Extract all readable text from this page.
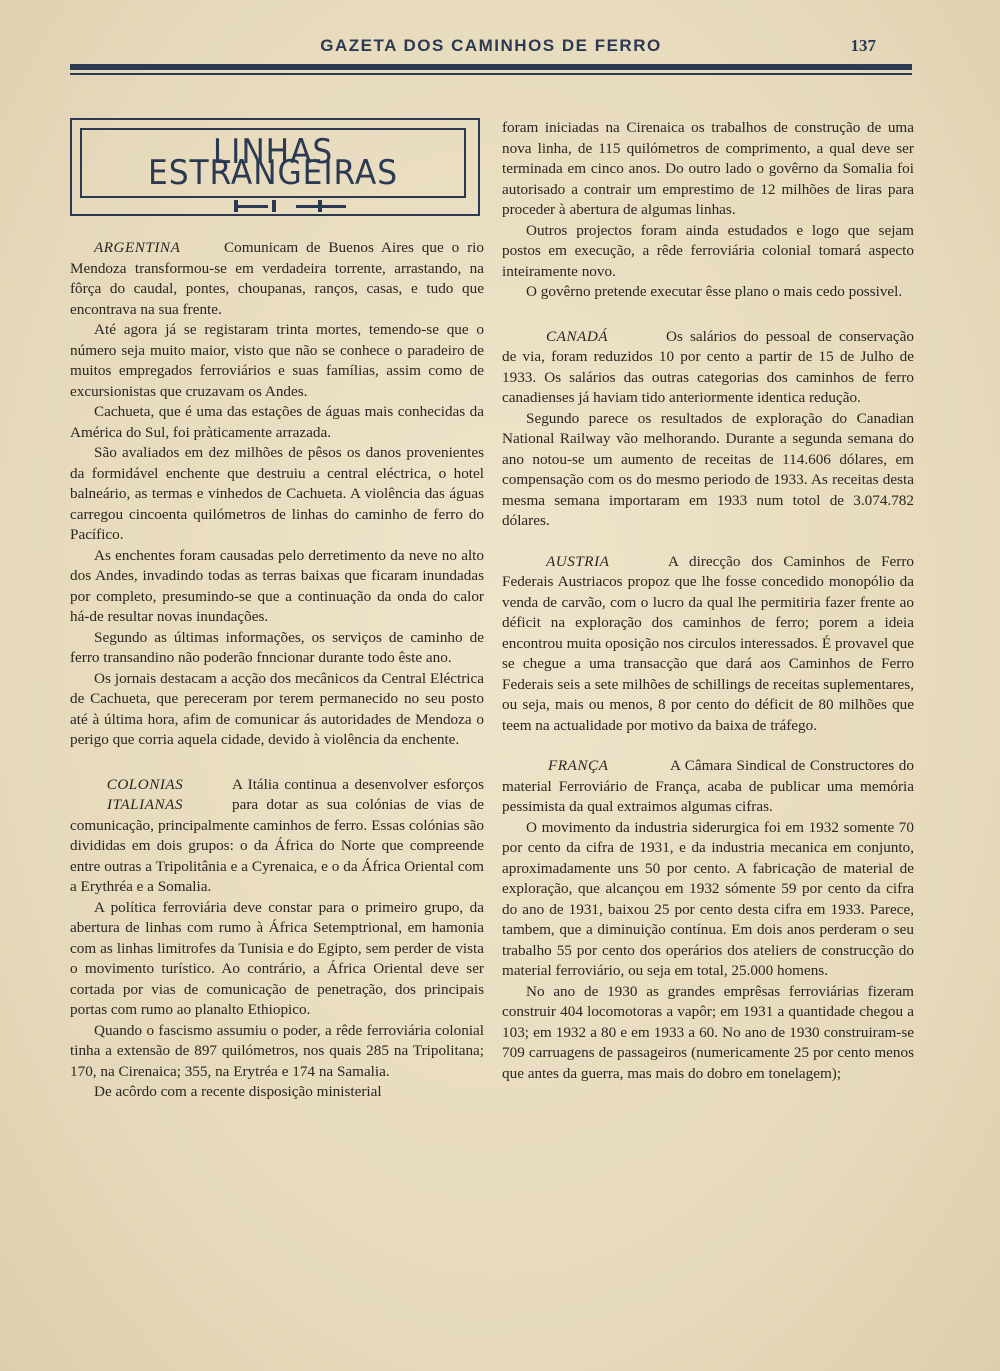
GAZETA DOS CAMINHOS DE FERRO	137
LINHAS ESTRANGEIRAS

ARGENTINA	Comunicam de Buenos Aires que o rio Mendoza transformou-se em verdadeira torrente, arrastando, na fôrça do caudal, pontes, choupanas, ranços, casas, e tudo que encontrava na sua frente.

Até agora já se registaram trinta mortes, temendo-se que o número seja muito maior, visto que não se conhece o paradeiro de muitos empregados ferroviários e suas famílias, assim como de excursionistas que cruzavam os Andes.

Cachueta, que é uma das estações de águas mais conhecidas da América do Sul, foi pràticamente arrazada.

São avaliados em dez milhões de pêsos os danos provenientes da formidável enchente que destruiu a central eléctrica, o hotel balneário, as termas e vinhedos de Cachueta. A violência das águas carregou cincoenta quilómetros de linhas do caminho de ferro do Pacífico.

As enchentes foram causadas pelo derretimento da neve no alto dos Andes, invadindo todas as terras baixas que ficaram inundadas por completo, presumindo-se que a continuação da onda do calor há-de resultar novas inundações.

Segundo as últimas informações, os serviços de caminho de ferro transandino não poderão fnncionar durante todo êste ano.

Os jornais destacam a acção dos mecânicos da Central Eléctrica de Cachueta, que pereceram por terem permanecido no seu posto até à última hora, afim de comunicar ás autoridades de Mendoza o perigo que corria aquela cidade, devido à violência da enchente.

COLONIAS
ITALIANAS

A Itália continua a desenvolver esforços para dotar as sua colónias de vias de comunicação, principalmente caminhos de ferro. Essas colónias são divididas em dois grupos: o da África do Norte que compreende entre outras a Tripolitânia e a Cyrenaica, e o da África Oriental com a Erythréa e a Somalia.

A política ferroviária deve constar para o primeiro grupo, da abertura de linhas com rumo à África Setemptrional, em hamonia com as linhas limitrofes da Tunisia e do Egipto, sem perder de vista o movimento turístico. Ao contrário, a África Oriental deve ser cortada por vias de comunicação de penetração, dos principais portas com rumo ao planalto Ethiopico.

Quando o fascismo assumiu o poder, a rêde ferroviária colonial tinha a extensão de 897 quilómetros, nos quais 285 na Tripolitana; 170, na Cirenaica; 355, na Erytréa e 174 na Samalia.

De acôrdo com a recente disposição ministerial

foram iniciadas na Cirenaica os trabalhos de construção de uma nova linha, de 115 quilómetros de comprimento, a qual deve ser terminada em cinco anos. Do outro lado o govêrno da Somalia foi autorisado a contrair um emprestimo de 12 milhões de liras para proceder à abertura de algumas linhas.

Outros projectos foram ainda estudados e logo que sejam postos em execução, a rêde ferroviária colonial tomará aspecto inteiramente novo.

O govêrno pretende executar êsse plano o mais cedo possivel.

CANADÁ	Os salários do pessoal de conservação de via, foram reduzidos 10 por cento a partir de 15 de Julho de 1933. Os salários das outras categorias dos caminhos de ferro canadienses já haviam tido anteriormente identica redução.

Segundo parece os resultados de exploração do Canadian National Railway vão melhorando. Durante a segunda semana do ano notou-se um aumento de receitas de 114.606 dólares, em compensação com os do mesmo periodo de 1933. As receitas desta mesma semana importaram em 1933 num totol de 3.074.782 dólares.

AUSTRIA	A direcção dos Caminhos de Ferro Federais Austriacos propoz que lhe fosse concedido monopólio da venda de carvão, com o lucro da qual lhe permitiria fazer frente ao déficit na exploração dos caminhos de ferro; porem a ideia encontrou muita oposição nos circulos interessados. É provavel que se chegue a uma transacção que dará aos Caminhos de Ferro Federais seis a sete milhões de schillings de receitas suplementares, ou seja, mais ou menos, 8 por cento do déficit de 80 milhões que teem na actualidade por motivo da baixa de tráfego.

FRANÇA	A Câmara Sindical de Constructores do material Ferroviário de França, acaba de publicar uma memória pessimista da qual extraimos algumas cifras.

O movimento da industria siderurgica foi em 1932 somente 70 por cento da cifra de 1931, e da industria mecanica em conjunto, aproximadamente uns 50 por cento. A fabricação de material de exploração, que alcançou em 1932 sómente 59 por cento da cifra do ano de 1931, baixou 25 por cento desta cifra em 1933. Parece, tambem, que a diminuição contínua. Em dois anos perderam o seu trabalho 55 por cento dos operários dos ateliers de construcção do material ferroviário, ou seja em total, 25.000 homens.

No ano de 1930 as grandes emprêsas ferroviárias fizeram construir 404 locomotoras a vapôr; em 1931 a quantidade chegou a 103; em 1932 a 80 e em 1933 a 60. No ano de 1930 construiram-se 709 carruagens de passageiros (numericamente 25 por cento menos que antes da guerra, mas mais do dobro em tonelagem);
